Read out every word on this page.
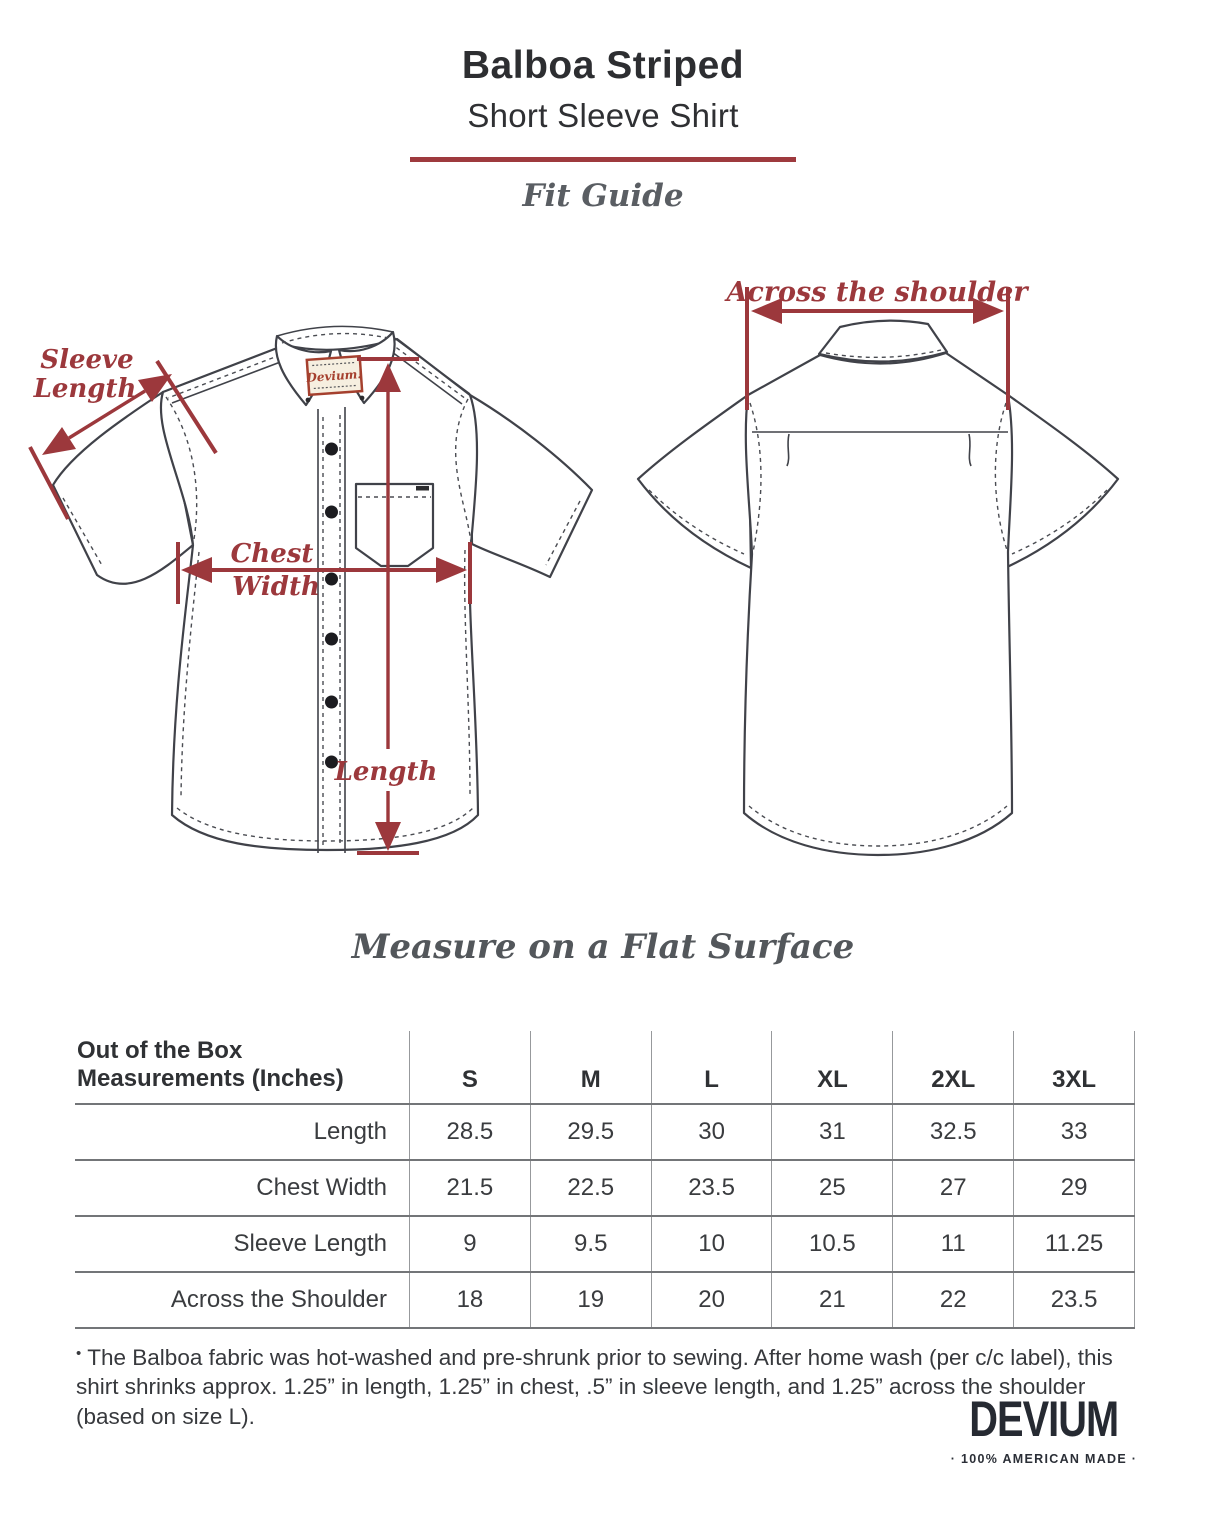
Balboa Striped
Short Sleeve Shirt
Fit Guide
Devium!
Sleeve
Length
Chest
Width
Length
Across the shoulder
Measure on a Flat Surface
Out of the Box
Measurements (Inches)	S	M	L	XL	2XL	3XL
Length	28.5	29.5	30	31	32.5	33
Chest Width	21.5	22.5	23.5	25	27	29
Sleeve Length	9	9.5	10	10.5	11	11.25
Across the Shoulder	18	19	20	21	22	23.5

• The Balboa fabric was hot-washed and pre-shrunk prior to sewing. After home wash (per c/c label), this shirt shrinks approx. 1.25” in length, 1.25” in chest, .5” in sleeve length, and 1.25” across the shoulder (based on size L).	DEVIUM
· 100% AMERICAN MADE ·
